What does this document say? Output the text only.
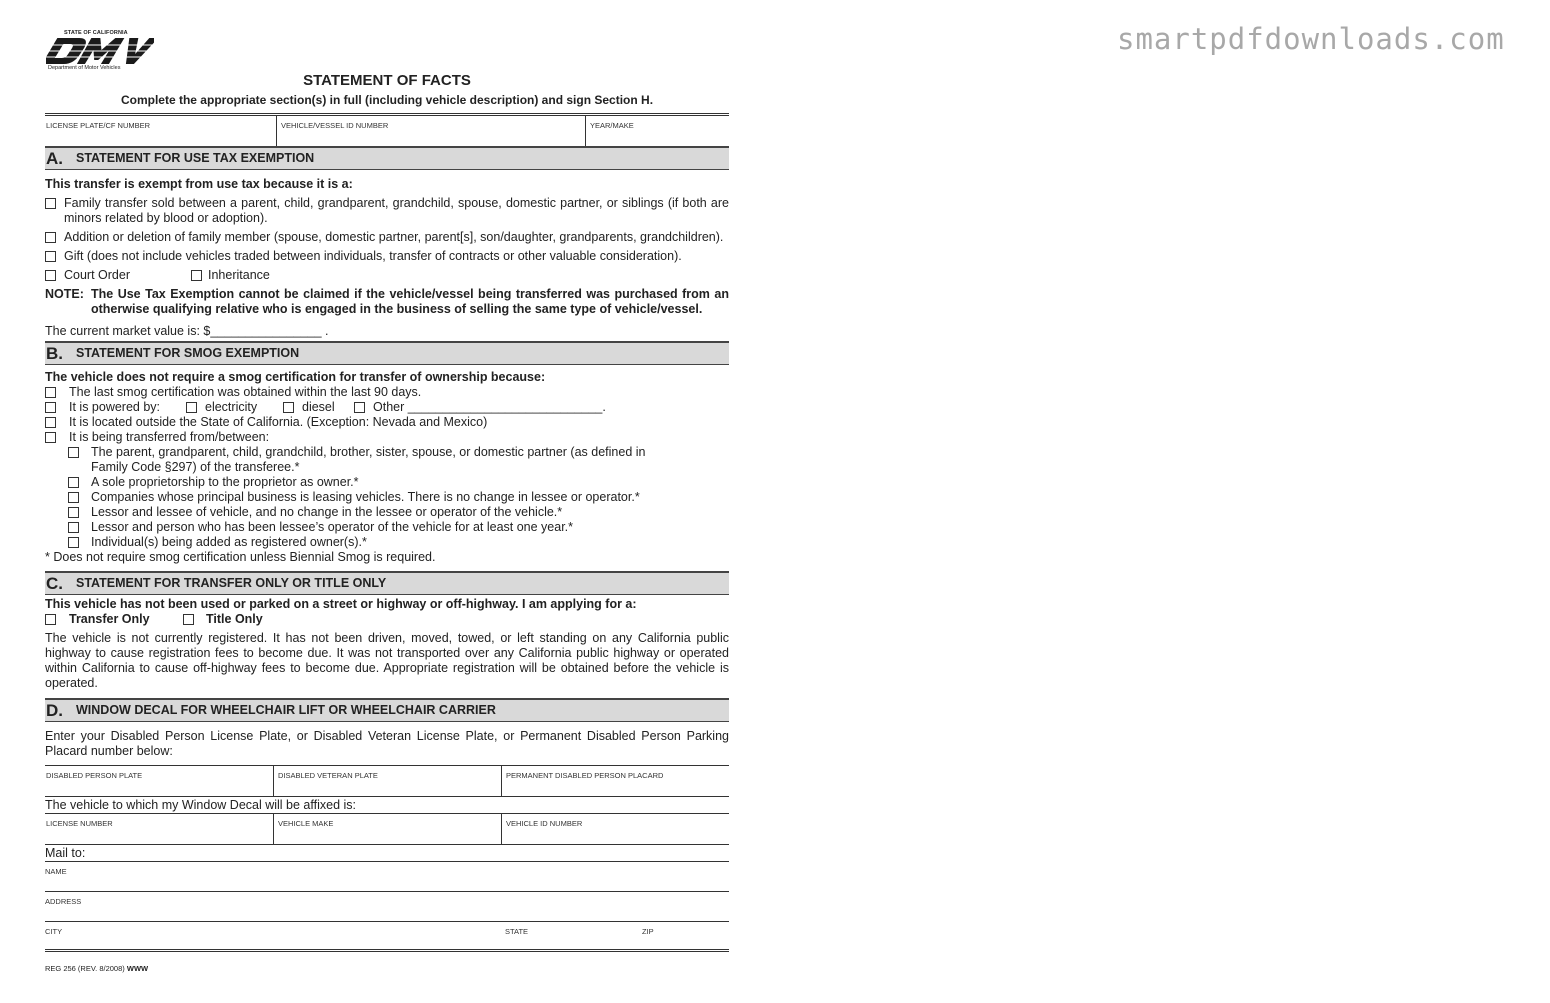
smartpdfdownloads.com
STATE OF CALIFORNIA
Department of Motor Vehicles
STATEMENT OF FACTS
Complete the appropriate section(s) in full (including vehicle description) and sign Section H.
LICENSE PLATE/CF NUMBER	VEHICLE/VESSEL ID NUMBER	YEAR/MAKE
A. STATEMENT FOR USE TAX EXEMPTION
This transfer is exempt from use tax because it is a:
Family transfer sold between a parent, child, grandparent, grandchild, spouse, domestic partner, or siblings (if both are minors related by blood or adoption).
Addition or deletion of family member (spouse, domestic partner, parent[s], son/daughter, grandparents, grandchildren).
Gift (does not include vehicles traded between individuals, transfer of contracts or other valuable consideration).
Court Order	Inheritance
NOTE: The Use Tax Exemption cannot be claimed if the vehicle/vessel being transferred was purchased from an otherwise qualifying relative who is engaged in the business of selling the same type of vehicle/vessel.
The current market value is: $________________ .
B. STATEMENT FOR SMOG EXEMPTION
The vehicle does not require a smog certification for transfer of ownership because:
The last smog certification was obtained within the last 90 days.
It is powered by:	electricity	diesel	Other ____________________________.
It is located outside the State of California. (Exception: Nevada and Mexico)
It is being transferred from/between:
The parent, grandparent, child, grandchild, brother, sister, spouse, or domestic partner (as defined in Family Code §297) of the transferee.*
A sole proprietorship to the proprietor as owner.*
Companies whose principal business is leasing vehicles. There is no change in lessee or operator.*
Lessor and lessee of vehicle, and no change in the lessee or operator of the vehicle.*
Lessor and person who has been lessee’s operator of the vehicle for at least one year.*
Individual(s) being added as registered owner(s).*
* Does not require smog certification unless Biennial Smog is required.
C. STATEMENT FOR TRANSFER ONLY OR TITLE ONLY
This vehicle has not been used or parked on a street or highway or off-highway. I am applying for a:
Transfer Only	Title Only
The vehicle is not currently registered. It has not been driven, moved, towed, or left standing on any California public highway to cause registration fees to become due. It was not transported over any California public highway or operated within California to cause off-highway fees to become due. Appropriate registration will be obtained before the vehicle is operated.
D. WINDOW DECAL FOR WHEELCHAIR LIFT OR WHEELCHAIR CARRIER
Enter your Disabled Person License Plate, or Disabled Veteran License Plate, or Permanent Disabled Person Parking Placard number below:
DISABLED PERSON PLATE	DISABLED VETERAN PLATE	PERMANENT DISABLED PERSON PLACARD
The vehicle to which my Window Decal will be affixed is:
LICENSE NUMBER	VEHICLE MAKE	VEHICLE ID NUMBER
Mail to:
NAME
ADDRESS
CITY	STATE	ZIP
REG 256 (REV. 8/2008) WWW
